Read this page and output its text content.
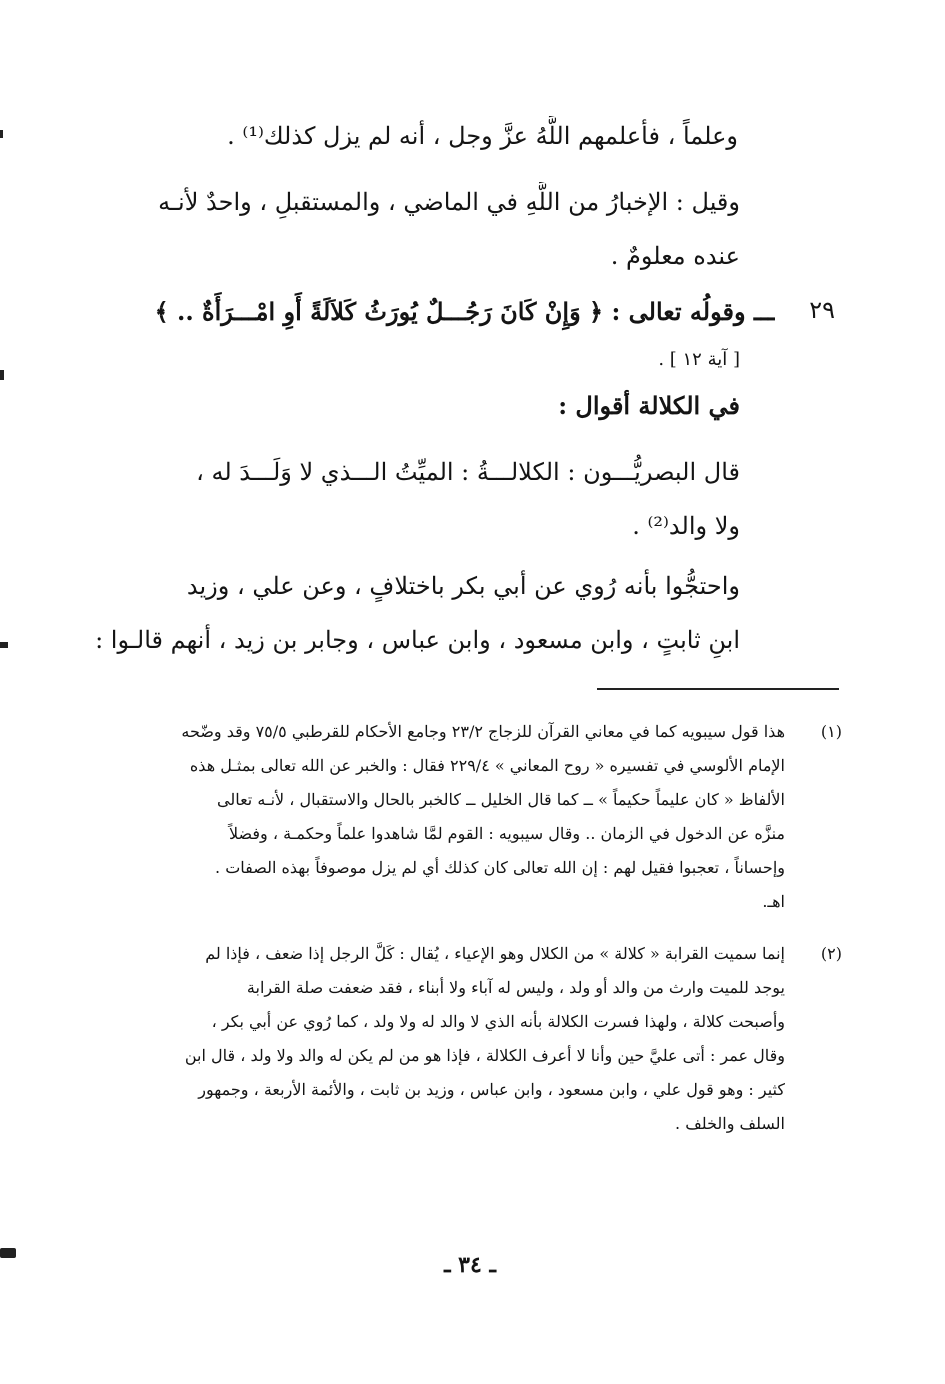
وعلماً ، فأعلمهم اللَّهُ عزَّ وجل ، أنه لم يزل كذلك⁽¹⁾ .
وقيل : الإخبارُ من اللَّهِ في الماضي ، والمستقبلِ ، واحدٌ لأنـه
عنده معلومٌ .
٢٩
ـــ وقولُه تعالى : ﴿ وَإِنْ كَانَ رَجُـــلٌ يُورَثُ كَلاَلَةً أَوِ امْـــرَأَةٌ .. ﴾
[ آية ١٢ ] .
في الكلالة أقوال :
قال البصريُّـــون : الكلالـــةُ : الميِّتُ الـــذي لا وَلَـــدَ له ،
ولا والد⁽²⁾ .
واحتجُّوا بأنه رُوي عن أبي بكر باختلافٍ ، وعن علي ، وزيد
ابنِ ثابتٍ ، وابن مسعود ، وابن عباس ، وجابر بن زيد ، أنهم قالـوا :
(١)
هذا قول سيبويه كما في معاني القرآن للزجاج ٢٣/٢ وجامع الأحكام للقرطبي ٧٥/٥ وقد وضّحه
الإمام الألوسي في تفسيره « روح المعاني » ٢٢٩/٤ فقال : والخبر عن الله تعالى بمثـل هذه
الألفاظ « كان عليماً حكيماً » ــ كما قال الخليل ــ كالخبر بالحال والاستقبال ، لأنـه تعالى
منزَّه عن الدخول في الزمان .. وقال سيبويه : القوم لمَّا شاهدوا علماً وحكمـة ، وفضلاً
وإحساناً ، تعجبوا فقيل لهم : إن الله تعالى كان كذلك أي لم يزل موصوفاً بهذه الصفات .
اهـ.
(٢)
إنما سميت القرابة « كلالة » من الكلال وهو الإعياء ، يُقال : كَلَّ الرجل إذا ضعف ، فإذا لم
يوجد للميت وارث من والد أو ولد ، وليس له آباء ولا أبناء ، فقد ضعفت صلة القرابة
وأصبحت كلالة ، ولهذا فسرت الكلالة بأنه الذي لا والد له ولا ولد ، كما رُوي عن أبي بكر ،
وقال عمر : أتى عليَّ حين وأنا لا أعرف الكلالة ، فإذا هو من لم يكن له والد ولا ولد ، قال ابن
كثير : وهو قول علي ، وابن مسعود ، وابن عباس ، وزيد بن ثابت ، والأئمة الأربعة ، وجمهور
السلف والخلف .
ـ ٣٤ ـ
